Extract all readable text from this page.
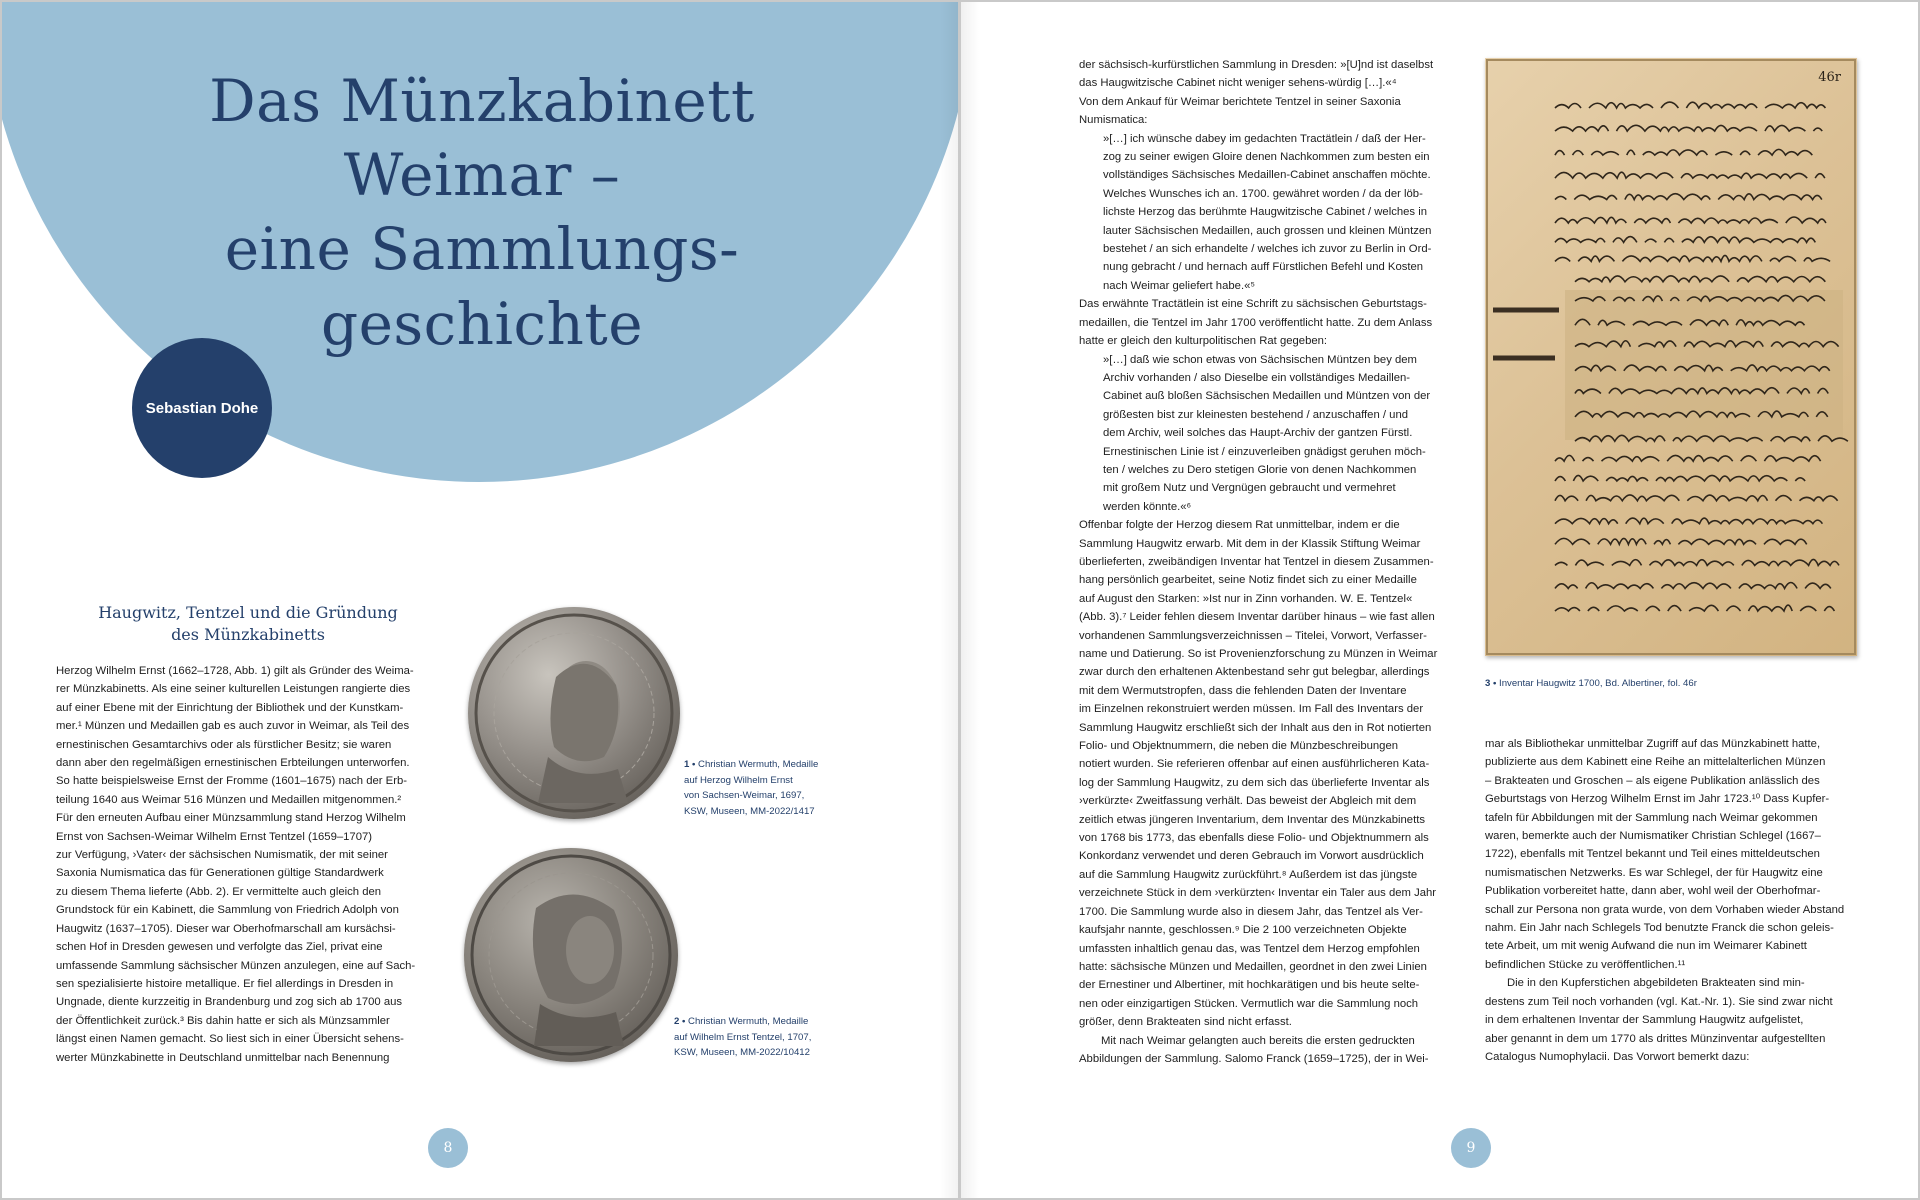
Das Münzkabinett
Weimar –
eine Sammlungs-
geschichte
Sebastian Dohe
Haugwitz, Tentzel und die Gründung
des Münzkabinetts

Herzog Wilhelm Ernst (1662–1728, Abb. 1) gilt als Gründer des Weima-

rer Münzkabinetts. Als eine seiner kulturellen Leistungen rangierte dies

auf einer Ebene mit der Einrichtung der Bibliothek und der Kunstkam-

mer.¹ Münzen und Medaillen gab es auch zuvor in Weimar, als Teil des

ernestinischen Gesamtarchivs oder als fürstlicher Besitz; sie waren

dann aber den regelmäßigen ernestinischen Erbteilungen unterworfen.

So hatte beispielsweise Ernst der Fromme (1601–1675) nach der Erb-

teilung 1640 aus Weimar 516 Münzen und Medaillen mitgenommen.²

Für den erneuten Aufbau einer Münzsammlung stand Herzog Wilhelm

Ernst von Sachsen-Weimar Wilhelm Ernst Tentzel (1659–1707)

zur Verfügung, ›Vater‹ der sächsischen Numismatik, der mit seiner

Saxonia Numismatica das für Generationen gültige Standardwerk

zu diesem Thema lieferte (Abb. 2). Er vermittelte auch gleich den

Grundstock für ein Kabinett, die Sammlung von Friedrich Adolph von

Haugwitz (1637–1705). Dieser war Oberhofmarschall am kursächsi-

schen Hof in Dresden gewesen und verfolgte das Ziel, privat eine

umfassende Sammlung sächsischer Münzen anzulegen, eine auf Sach-

sen spezialisierte histoire metallique. Er fiel allerdings in Dresden in

Ungnade, diente kurzzeitig in Brandenburg und zog sich ab 1700 aus

der Öffentlichkeit zurück.³ Bis dahin hatte er sich als Münzsammler

längst einen Namen gemacht. So liest sich in einer Übersicht sehens-

werter Münzkabinette in Deutschland unmittelbar nach Benennung

1 • Christian Wermuth, Medaille

auf Herzog Wilhelm Ernst

von Sachsen-Weimar, 1697,

KSW, Museen, MM-2022/1417

2 • Christian Wermuth, Medaille

auf Wilhelm Ernst Tentzel, 1707,

KSW, Museen, MM-2022/10412

8

der sächsisch-kurfürstlichen Sammlung in Dresden: »[U]nd ist daselbst

das Haugwitzische Cabinet nicht weniger sehens-würdig […].«⁴

Von dem Ankauf für Weimar berichtete Tentzel in seiner Saxonia

Numismatica:

»[…] ich wünsche dabey im gedachten Tractätlein / daß der Her-

zog zu seiner ewigen Gloire denen Nachkommen zum besten ein

vollständiges Sächsisches Medaillen-Cabinet anschaffen möchte.

Welches Wunsches ich an. 1700. gewähret worden / da der löb-

lichste Herzog das berühmte Haugwitzische Cabinet / welches in

lauter Sächsischen Medaillen, auch grossen und kleinen Müntzen

bestehet / an sich erhandelte / welches ich zuvor zu Berlin in Ord-

nung gebracht / und hernach auff Fürstlichen Befehl und Kosten

nach Weimar geliefert habe.«⁵

Das erwähnte Tractätlein ist eine Schrift zu sächsischen Geburtstags-

medaillen, die Tentzel im Jahr 1700 veröffentlicht hatte. Zu dem Anlass

hatte er gleich den kulturpolitischen Rat gegeben:

»[…] daß wie schon etwas von Sächsischen Müntzen bey dem

Archiv vorhanden / also Dieselbe ein vollständiges Medaillen-

Cabinet auß bloßen Sächsischen Medaillen und Müntzen von der

größesten bist zur kleinesten bestehend / anzuschaffen / und

dem Archiv, weil solches das Haupt-Archiv der gantzen Fürstl.

Ernestinischen Linie ist / einzuverleiben gnädigst geruhen möch-

ten / welches zu Dero stetigen Glorie von denen Nachkommen

mit großem Nutz und Vergnügen gebraucht und vermehret

werden könnte.«⁶

Offenbar folgte der Herzog diesem Rat unmittelbar, indem er die

Sammlung Haugwitz erwarb. Mit dem in der Klassik Stiftung Weimar

überlieferten, zweibändigen Inventar hat Tentzel in diesem Zusammen-

hang persönlich gearbeitet, seine Notiz findet sich zu einer Medaille

auf August den Starken: »Ist nur in Zinn vorhanden. W. E. Tentzel«

(Abb. 3).⁷ Leider fehlen diesem Inventar darüber hinaus – wie fast allen

vorhandenen Sammlungsverzeichnissen – Titelei, Vorwort, Verfasser-

name und Datierung. So ist Provenienzforschung zu Münzen in Weimar

zwar durch den erhaltenen Aktenbestand sehr gut belegbar, allerdings

mit dem Wermutstropfen, dass die fehlenden Daten der Inventare

im Einzelnen rekonstruiert werden müssen. Im Fall des Inventars der

Sammlung Haugwitz erschließt sich der Inhalt aus den in Rot notierten

Folio- und Objektnummern, die neben die Münzbeschreibungen

notiert wurden. Sie referieren offenbar auf einen ausführlicheren Kata-

log der Sammlung Haugwitz, zu dem sich das überlieferte Inventar als

›verkürzte‹ Zweitfassung verhält. Das beweist der Abgleich mit dem

zeitlich etwas jüngeren Inventarium, dem Inventar des Münzkabinetts

von 1768 bis 1773, das ebenfalls diese Folio- und Objektnummern als

Konkordanz verwendet und deren Gebrauch im Vorwort ausdrücklich

auf die Sammlung Haugwitz zurückführt.⁸ Außerdem ist das jüngste

verzeichnete Stück in dem ›verkürzten‹ Inventar ein Taler aus dem Jahr

1700. Die Sammlung wurde also in diesem Jahr, das Tentzel als Ver-

kaufsjahr nannte, geschlossen.⁹ Die 2 100 verzeichneten Objekte

umfassten inhaltlich genau das, was Tentzel dem Herzog empfohlen

hatte: sächsische Münzen und Medaillen, geordnet in den zwei Linien

der Ernestiner und Albertiner, mit hochkarätigen und bis heute selte-

nen oder einzigartigen Stücken. Vermutlich war die Sammlung noch

größer, denn Brakteaten sind nicht erfasst.

Mit nach Weimar gelangten auch bereits die ersten gedruckten

Abbildungen der Sammlung. Salomo Franck (1659–1725), der in Wei-

46r

3 • Inventar Haugwitz 1700, Bd. Albertiner, fol. 46r

mar als Bibliothekar unmittelbar Zugriff auf das Münzkabinett hatte,

publizierte aus dem Kabinett eine Reihe an mittelalterlichen Münzen

– Brakteaten und Groschen – als eigene Publikation anlässlich des

Geburtstags von Herzog Wilhelm Ernst im Jahr 1723.¹⁰ Dass Kupfer-

tafeln für Abbildungen mit der Sammlung nach Weimar gekommen

waren, bemerkte auch der Numismatiker Christian Schlegel (1667–

1722), ebenfalls mit Tentzel bekannt und Teil eines mitteldeutschen

numismatischen Netzwerks. Es war Schlegel, der für Haugwitz eine

Publikation vorbereitet hatte, dann aber, wohl weil der Oberhofmar-

schall zur Persona non grata wurde, von dem Vorhaben wieder Abstand

nahm. Ein Jahr nach Schlegels Tod benutzte Franck die schon geleis-

tete Arbeit, um mit wenig Aufwand die nun im Weimarer Kabinett

befindlichen Stücke zu veröffentlichen.¹¹

Die in den Kupferstichen abgebildeten Brakteaten sind min-

destens zum Teil noch vorhanden (vgl. Kat.-Nr. 1). Sie sind zwar nicht

in dem erhaltenen Inventar der Sammlung Haugwitz aufgelistet,

aber genannt in dem um 1770 als drittes Münzinventar aufgestellten

Catalogus Numophylacii. Das Vorwort bemerkt dazu:

9
